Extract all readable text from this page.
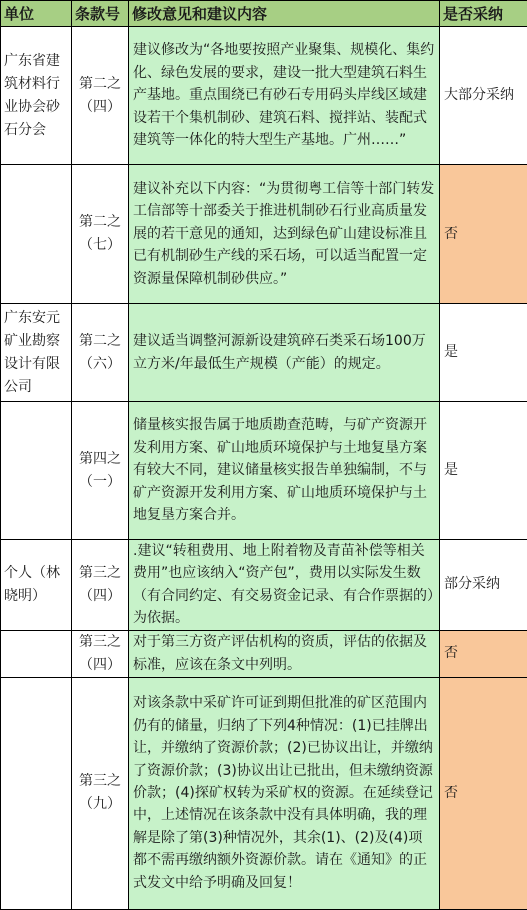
单位	条款号	修改意见和建议内容	是否采纳
广东省建筑材料行业协会砂石分会	第二之（四）	建议修改为“各地要按照产业聚集、规模化、集约化、绿色发展的要求，建设一批大型建筑石料生产基地。重点围绕已有砂石专用码头岸线区域建设若干个集机制砂、建筑石料、搅拌站、装配式建筑等一体化的特大型生产基地。广州……”	大部分采纳
	第二之（七）	建议补充以下内容：“为贯彻粤工信等十部门转发工信部等十部委关于推进机制砂石行业高质量发展的若干意见的通知，达到绿色矿山建设标准且已有机制砂生产线的采石场，可以适当配置一定资源量保障机制砂供应。”	否
广东安元矿业勘察设计有限公司	第二之（六）	建议适当调整河源新设建筑碎石类采石场100万立方米/年最低生产规模（产能）的规定。	是
	第四之（一）	储量核实报告属于地质勘查范畴，与矿产资源开发利用方案、矿山地质环境保护与土地复垦方案有较大不同，建议储量核实报告单独编制，不与矿产资源开发利用方案、矿山地质环境保护与土地复垦方案合并。	是
个人（林晓明）	第三之（四）	.建议“转租费用、地上附着物及青苗补偿等相关费用”也应该纳入“资产包”，费用以实际发生数（有合同约定、有交易资金记录、有合作票据的）为依据。	部分采纳
	第三之（四）	对于第三方资产评估机构的资质，评估的依据及标准，应该在条文中列明。	否
	第三之（九）	对该条款中采矿许可证到期但批准的矿区范围内仍有的储量，归纳了下列4种情况：(1)已挂牌出让，并缴纳了资源价款；(2)已协议出让，并缴纳了资源价款；(3)协议出让已批出，但未缴纳资源价款；(4)探矿权转为采矿权的资源。在延续登记中，上述情况在该条款中没有具体明确，我的理解是除了第(3)种情况外，其余(1)、(2)及(4)项都不需再缴纳额外资源价款。请在《通知》的正式发文中给予明确及回复！	否
